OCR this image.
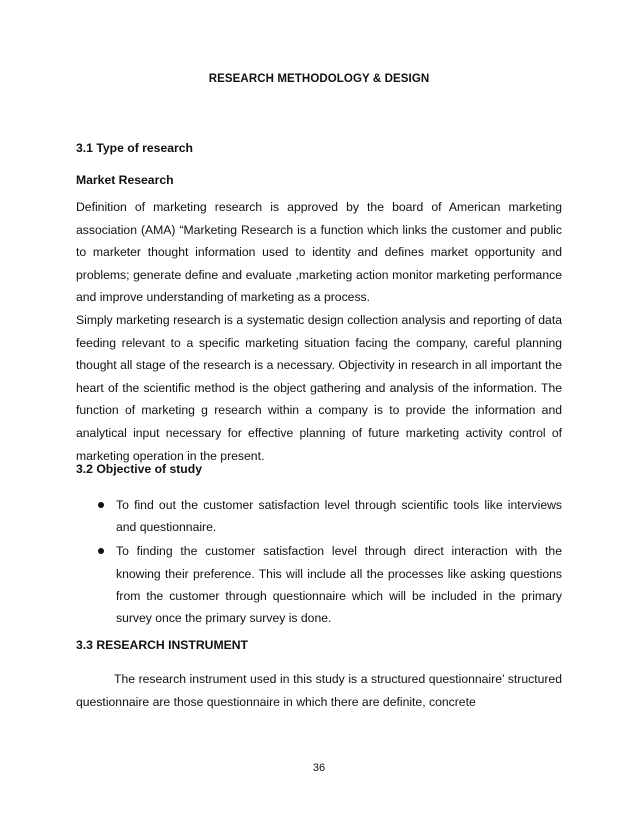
RESEARCH METHODOLOGY & DESIGN
3.1 Type of research
Market Research

Definition of marketing research is approved by the board of American marketing association (AMA) “Marketing Research is a function which links the customer and public to marketer thought information used to identity and defines market opportunity and problems; generate define and evaluate ,marketing action monitor marketing performance and improve understanding of marketing as a process.

Simply marketing research is a systematic design collection analysis and reporting of data feeding relevant to a specific marketing situation facing the company, careful planning thought all stage of the research is a necessary. Objectivity in research in all important the heart of the scientific method is the object gathering and analysis of the information. The function of marketing g research within a company is to provide the information and analytical input necessary for effective planning of future marketing activity control of marketing operation in the present.

3.2 Objective of study
To find out the customer satisfaction level through scientific tools like interviews and questionnaire.
To finding the customer satisfaction level through direct interaction with the knowing their preference. This will include all the processes like asking questions from the customer through questionnaire which will be included in the primary survey once the primary survey is done.
3.3 RESEARCH INSTRUMENT

The research instrument used in this study is a structured questionnaire’ structured questionnaire are those questionnaire in which there are definite, concrete

36
